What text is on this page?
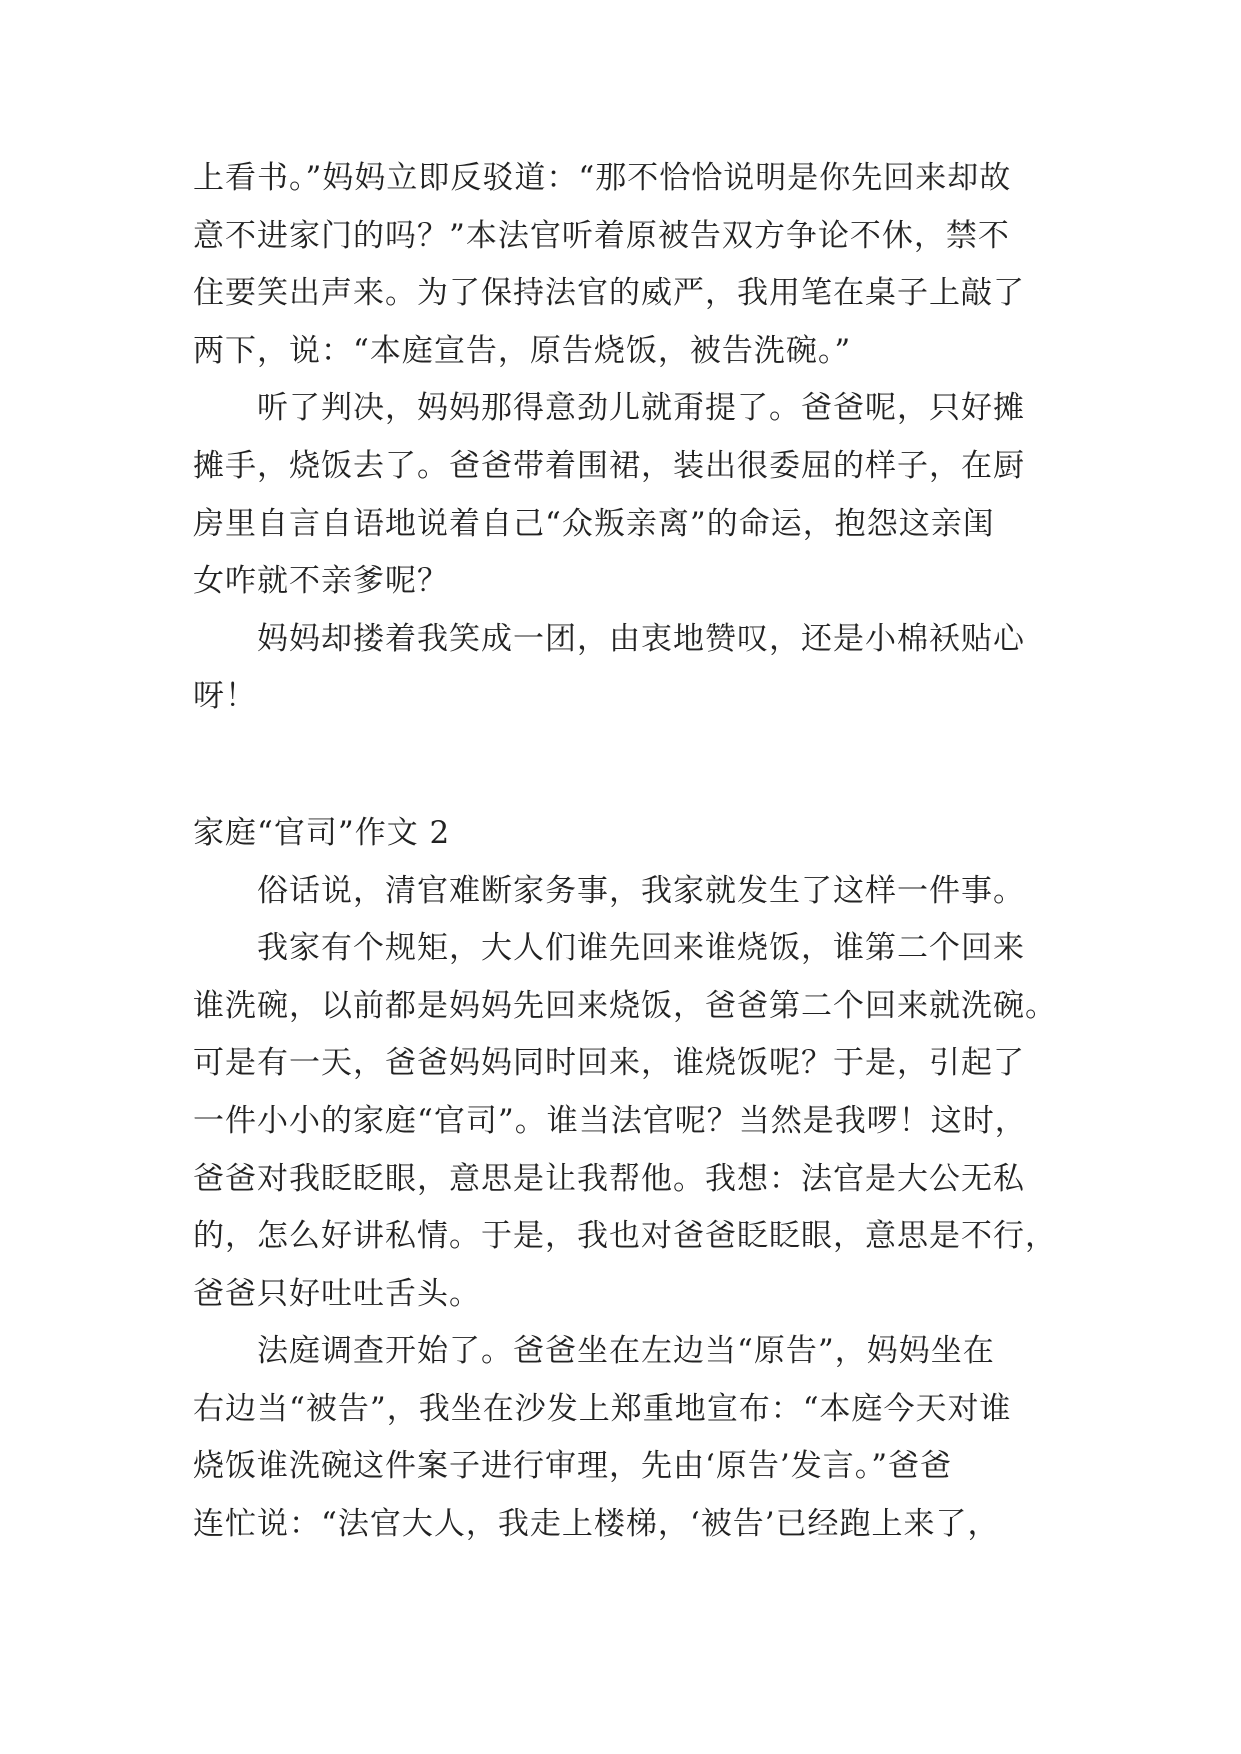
上看书。”妈妈立即反驳道：“那不恰恰说明是你先回来却故
意不进家门的吗？”本法官听着原被告双方争论不休，禁不
住要笑出声来。为了保持法官的威严，我用笔在桌子上敲了
两下，说：“本庭宣告，原告烧饭，被告洗碗。”
听了判决，妈妈那得意劲儿就甭提了。爸爸呢，只好摊
摊手，烧饭去了。爸爸带着围裙，装出很委屈的样子，在厨
房里自言自语地说着自己“众叛亲离”的命运，抱怨这亲闺
女咋就不亲爹呢？
妈妈却搂着我笑成一团，由衷地赞叹，还是小棉袄贴心
呀！
家庭“官司”作文 2
俗话说，清官难断家务事，我家就发生了这样一件事。
我家有个规矩，大人们谁先回来谁烧饭，谁第二个回来
谁洗碗，以前都是妈妈先回来烧饭，爸爸第二个回来就洗碗。
可是有一天，爸爸妈妈同时回来，谁烧饭呢？于是，引起了
一件小小的家庭“官司”。谁当法官呢？当然是我啰！这时，
爸爸对我眨眨眼，意思是让我帮他。我想：法官是大公无私
的，怎么好讲私情。于是，我也对爸爸眨眨眼，意思是不行，
爸爸只好吐吐舌头。
法庭调查开始了。爸爸坐在左边当“原告”，妈妈坐在
右边当“被告”，我坐在沙发上郑重地宣布：“本庭今天对谁
烧饭谁洗碗这件案子进行审理，先由‘原告’发言。”爸爸
连忙说：“法官大人，我走上楼梯，‘被告’已经跑上来了，
